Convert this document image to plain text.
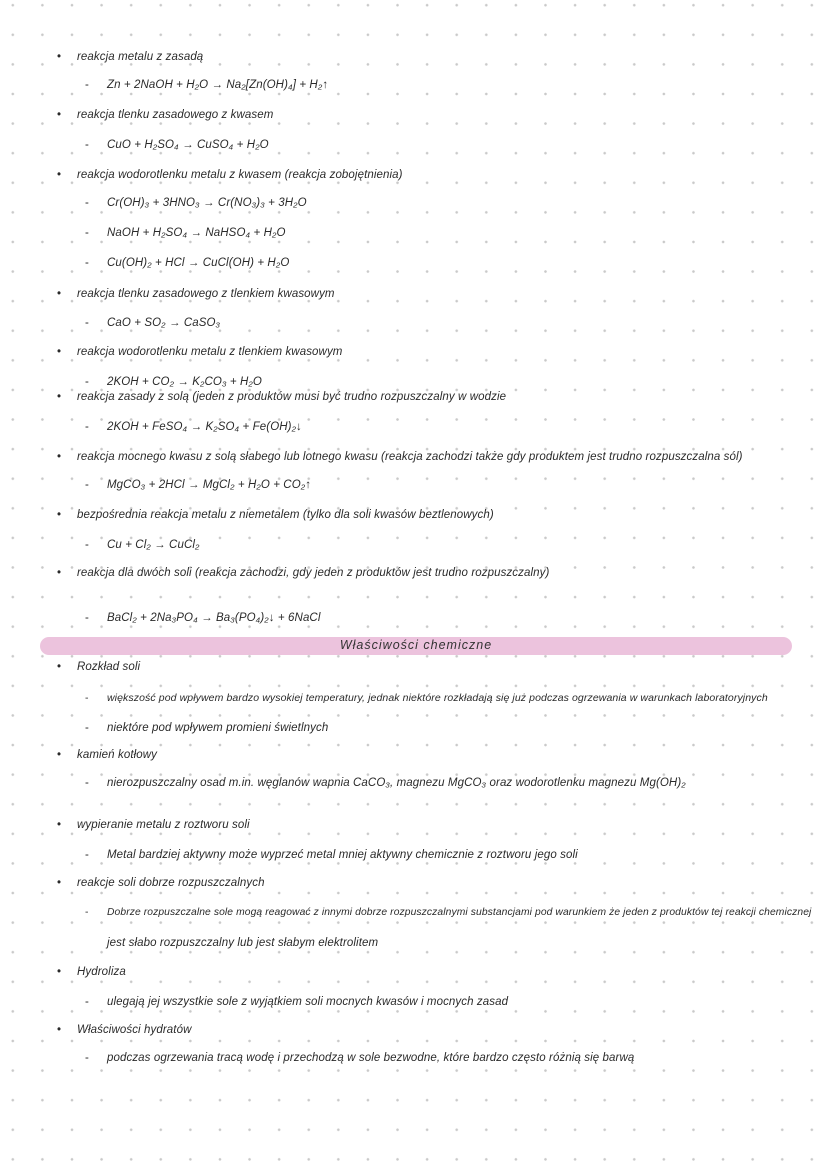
• reakcja metalu z zasadą
- Zn + 2NaOH + H₂O → Na₂[Zn(OH)₄] + H₂↑
• reakcja tlenku zasadowego z kwasem
- CuO + H₂SO₄ → CuSO₄ + H₂O
• reakcja wodorotlenku metalu z kwasem (reakcja zobojętnienia)
- Cr(OH)₃ + 3HNO₃ → Cr(NO₃)₃ + 3H₂O
- NaOH + H₂SO₄ → NaHSO₄ + H₂O
- Cu(OH)₂ + HCl → CuCl(OH) + H₂O
• reakcja tlenku zasadowego z tlenkiem kwasowym
- CaO + SO₂ → CaSO₃
• reakcja wodorotlenku metalu z tlenkiem kwasowym
- 2KOH + CO₂ → K₂CO₃ + H₂O
• reakcja zasady z solą (jeden z produktów musi być trudno rozpuszczalny w wodzie
- 2KOH + FeSO₄ → K₂SO₄ + Fe(OH)₂↓
• reakcja mocnego kwasu z solą słabego lub lotnego kwasu (reakcja zachodzi także gdy produktem jest trudno rozpuszczalna sól)
- MgCO₃ + 2HCl → MgCl₂ + H₂O + CO₂↑
• bezpośrednia reakcja metalu z niemetalem (tylko dla soli kwasów beztlenowych)
- Cu + Cl₂ → CuCl₂
• reakcja dla dwóch soli (reakcja zachodzi, gdy jeden z produktów jest trudno rozpuszczalny)
- BaCl₂ + 2Na₃PO₄ → Ba₃(PO₄)₂↓ + 6NaCl
Właściwości chemiczne
• Rozkład soli
- większość pod wpływem bardzo wysokiej temperatury, jednak niektóre rozkładają się już podczas ogrzewania w warunkach laboratoryjnych
- niektóre pod wpływem promieni świetlnych
• kamień kotłowy
- nierozpuszczalny osad m.in. węglanów wapnia CaCO₃, magnezu MgCO₃ oraz wodorotlenku magnezu Mg(OH)₂
• wypieranie metalu z roztworu soli
- Metal bardziej aktywny może wyprzeć metal mniej aktywny chemicznie z roztworu jego soli
• reakcje soli dobrze rozpuszczalnych
- Dobrze rozpuszczalne sole mogą reagować z innymi dobrze rozpuszczalnymi substancjami pod warunkiem że jeden z produktów tej reakcji chemicznej
jest słabo rozpuszczalny lub jest słabym elektrolitem
• Hydroliza
- ulegają jej wszystkie sole z wyjątkiem soli mocnych kwasów i mocnych zasad
• Właściwości hydratów
- podczas ogrzewania tracą wodę i przechodzą w sole bezwodne, które bardzo często różnią się barwą
